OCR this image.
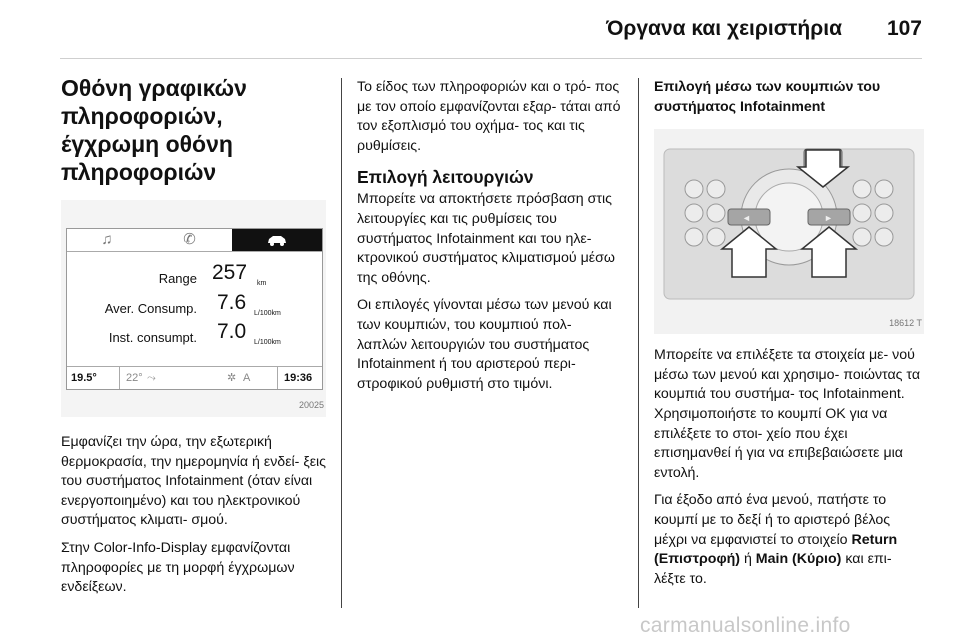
Όργανα και χειριστήρια 107
Οθόνη γραφικών πληροφοριών, έγχρωμη οθόνη πληροφοριών
♫	✆
Range 257 km
Aver. Consump. 7.6 L/100km
Inst. consumpt. 7.0 L/100km
19.5°	22° ⤳	✲ A	19:36
20025

Εμφανίζει την ώρα, την εξωτερική θερμοκρασία, την ημερομηνία ή ενδεί- ξεις του συστήματος Infotainment (όταν είναι ενεργοποιημένο) και του ηλεκτρονικού συστήματος κλιματι- σμού.

Στην Color-Info-Display εμφανίζονται πληροφορίες με τη μορφή έγχρωμων ενδείξεων.

Το είδος των πληροφοριών και ο τρό- πος με τον οποίο εμφανίζονται εξαρ- τάται από τον εξοπλισμό του οχήμα- τος και τις ρυθμίσεις.

Επιλογή λειτουργιών

Μπορείτε να αποκτήσετε πρόσβαση στις λειτουργίες και τις ρυθμίσεις του συστήματος Infotainment και του ηλε- κτρονικού συστήματος κλιματισμού μέσω της οθόνης.

Οι επιλογές γίνονται μέσω των μενού και των κουμπιών, του κουμπιού πολ- λαπλών λειτουργιών του συστήματος Infotainment ή του αριστερού περι- στροφικού ρυθμιστή στο τιμόνι.

Επιλογή μέσω των κουμπιών του συστήματος Infotainment
◄	►
18612 T

Μπορείτε να επιλέξετε τα στοιχεία με- νού μέσω των μενού και χρησιμο- ποιώντας τα κουμπιά του συστήμα- τος Infotainment. Χρησιμοποιήστε το κουμπί OK για να επιλέξετε το στοι- χείο που έχει επισημανθεί ή για να επιβεβαιώσετε μια εντολή.

Για έξοδο από ένα μενού, πατήστε το κουμπί με το δεξί ή το αριστερό βέλος μέχρι να εμφανιστεί το στοιχείο Return (Επιστροφή) ή Main (Κύριο) και επι- λέξτε το.

carmanualsonline.info
